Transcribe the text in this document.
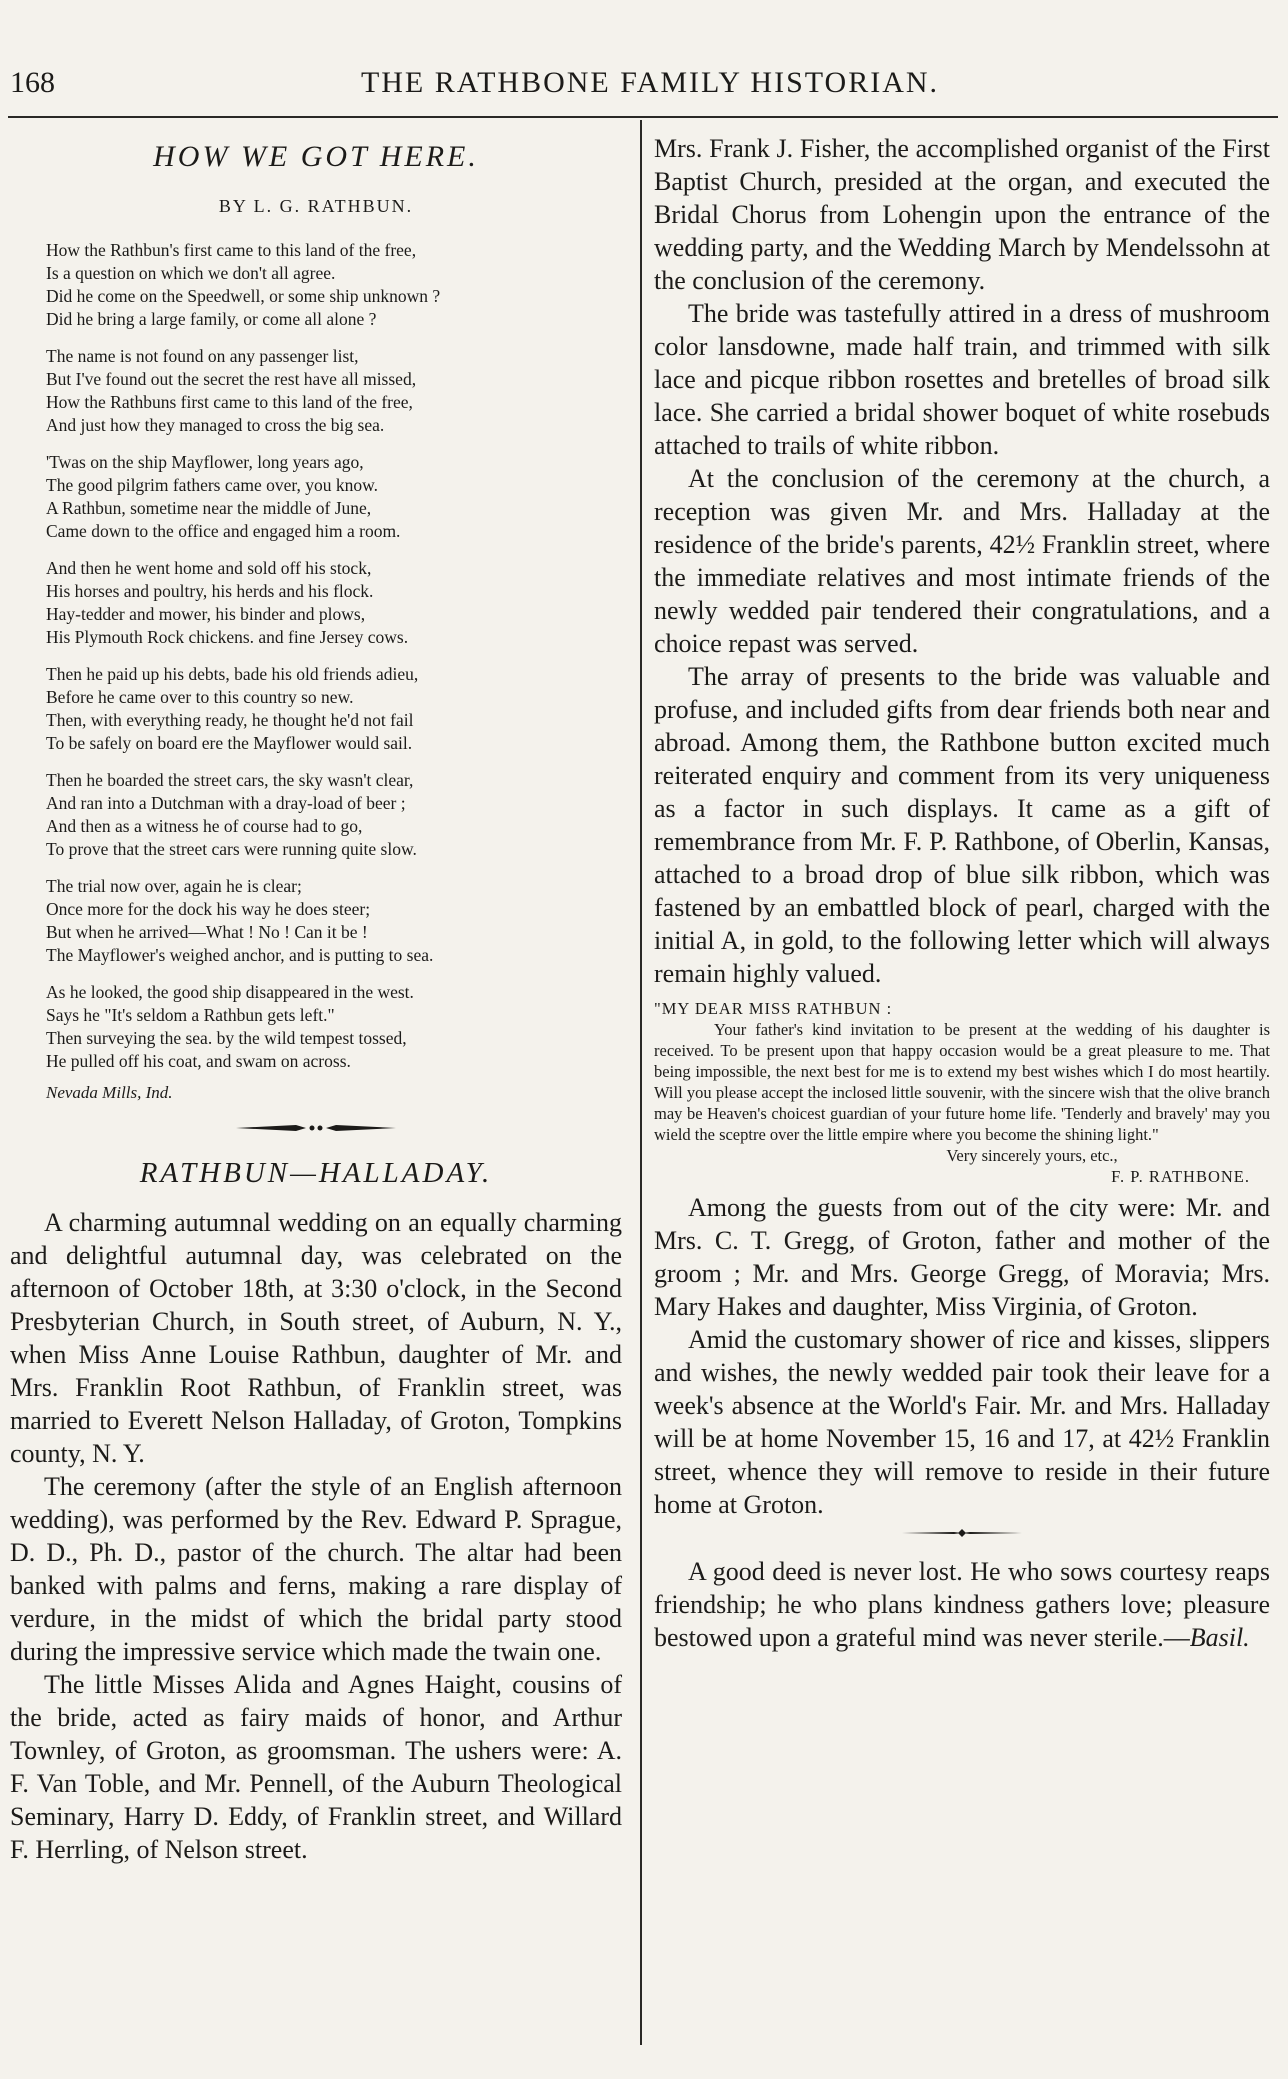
168	THE RATHBONE FAMILY HISTORIAN.
HOW WE GOT HERE.
BY L. G. RATHBUN.
How the Rathbun's first came to this land of the free,
Is a question on which we don't all agree.
Did he come on the Speedwell, or some ship unknown ?
Did he bring a large family, or come all alone ?
The name is not found on any passenger list,
But I've found out the secret the rest have all missed,
How the Rathbuns first came to this land of the free,
And just how they managed to cross the big sea.
'Twas on the ship Mayflower, long years ago,
The good pilgrim fathers came over, you know.
A Rathbun, sometime near the middle of June,
Came down to the office and engaged him a room.
And then he went home and sold off his stock,
His horses and poultry, his herds and his flock.
Hay-tedder and mower, his binder and plows,
His Plymouth Rock chickens. and fine Jersey cows.
Then he paid up his debts, bade his old friends adieu,
Before he came over to this country so new.
Then, with everything ready, he thought he'd not fail
To be safely on board ere the Mayflower would sail.
Then he boarded the street cars, the sky wasn't clear,
And ran into a Dutchman with a dray-load of beer ;
And then as a witness he of course had to go,
To prove that the street cars were running quite slow.
The trial now over, again he is clear;
Once more for the dock his way he does steer;
But when he arrived—What ! No ! Can it be !
The Mayflower's weighed anchor, and is putting to sea.
As he looked, the good ship disappeared in the west.
Says he "It's seldom a Rathbun gets left."
Then surveying the sea. by the wild tempest tossed,
He pulled off his coat, and swam on across.
Nevada Mills, Ind.
RATHBUN—HALLADAY.

A charming autumnal wedding on an equally charming and delightful autumnal day, was celebrated on the afternoon of October 18th, at 3:30 o'clock, in the Second Presbyterian Church, in South street, of Auburn, N. Y., when Miss Anne Louise Rathbun, daughter of Mr. and Mrs. Franklin Root Rathbun, of Franklin street, was married to Everett Nelson Halladay, of Groton, Tompkins county, N. Y.

The ceremony (after the style of an English afternoon wedding), was performed by the Rev. Edward P. Sprague, D. D., Ph. D., pastor of the church. The altar had been banked with palms and ferns, making a rare display of verdure, in the midst of which the bridal party stood during the impressive service which made the twain one.

The little Misses Alida and Agnes Haight, cousins of the bride, acted as fairy maids of honor, and Arthur Townley, of Groton, as groomsman. The ushers were: A. F. Van Toble, and Mr. Pennell, of the Auburn Theological Seminary, Harry D. Eddy, of Franklin street, and Willard F. Herrling, of Nelson street.

Mrs. Frank J. Fisher, the accomplished organist of the First Baptist Church, presided at the organ, and executed the Bridal Chorus from Lohengin upon the entrance of the wedding party, and the Wedding March by Mendelssohn at the conclusion of the ceremony.

The bride was tastefully attired in a dress of mushroom color lansdowne, made half train, and trimmed with silk lace and picque ribbon rosettes and bretelles of broad silk lace. She carried a bridal shower boquet of white rosebuds attached to trails of white ribbon.

At the conclusion of the ceremony at the church, a reception was given Mr. and Mrs. Halladay at the residence of the bride's parents, 42½ Franklin street, where the immediate relatives and most intimate friends of the newly wedded pair tendered their congratulations, and a choice repast was served.

The array of presents to the bride was valuable and profuse, and included gifts from dear friends both near and abroad. Among them, the Rathbone button excited much reiterated enquiry and comment from its very uniqueness as a factor in such displays. It came as a gift of remembrance from Mr. F. P. Rathbone, of Oberlin, Kansas, attached to a broad drop of blue silk ribbon, which was fastened by an embattled block of pearl, charged with the initial A, in gold, to the following letter which will always remain highly valued.

"MY DEAR MISS RATHBUN :
Your father's kind invitation to be present at the wedding of his daughter is received. To be present upon that happy occasion would be a great pleasure to me. That being impossible, the next best for me is to extend my best wishes which I do most heartily. Will you please accept the inclosed little souvenir, with the sincere wish that the olive branch may be Heaven's choicest guardian of your future home life. 'Tenderly and bravely' may you wield the sceptre over the little empire where you become the shining light."
Very sincerely yours, etc.,
F. P. RATHBONE.

Among the guests from out of the city were: Mr. and Mrs. C. T. Gregg, of Groton, father and mother of the groom ; Mr. and Mrs. George Gregg, of Moravia; Mrs. Mary Hakes and daughter, Miss Virginia, of Groton.

Amid the customary shower of rice and kisses, slippers and wishes, the newly wedded pair took their leave for a week's absence at the World's Fair. Mr. and Mrs. Halladay will be at home November 15, 16 and 17, at 42½ Franklin street, whence they will remove to reside in their future home at Groton.

A good deed is never lost. He who sows courtesy reaps friendship; he who plans kindness gathers love; pleasure bestowed upon a grateful mind was never sterile.—Basil.
